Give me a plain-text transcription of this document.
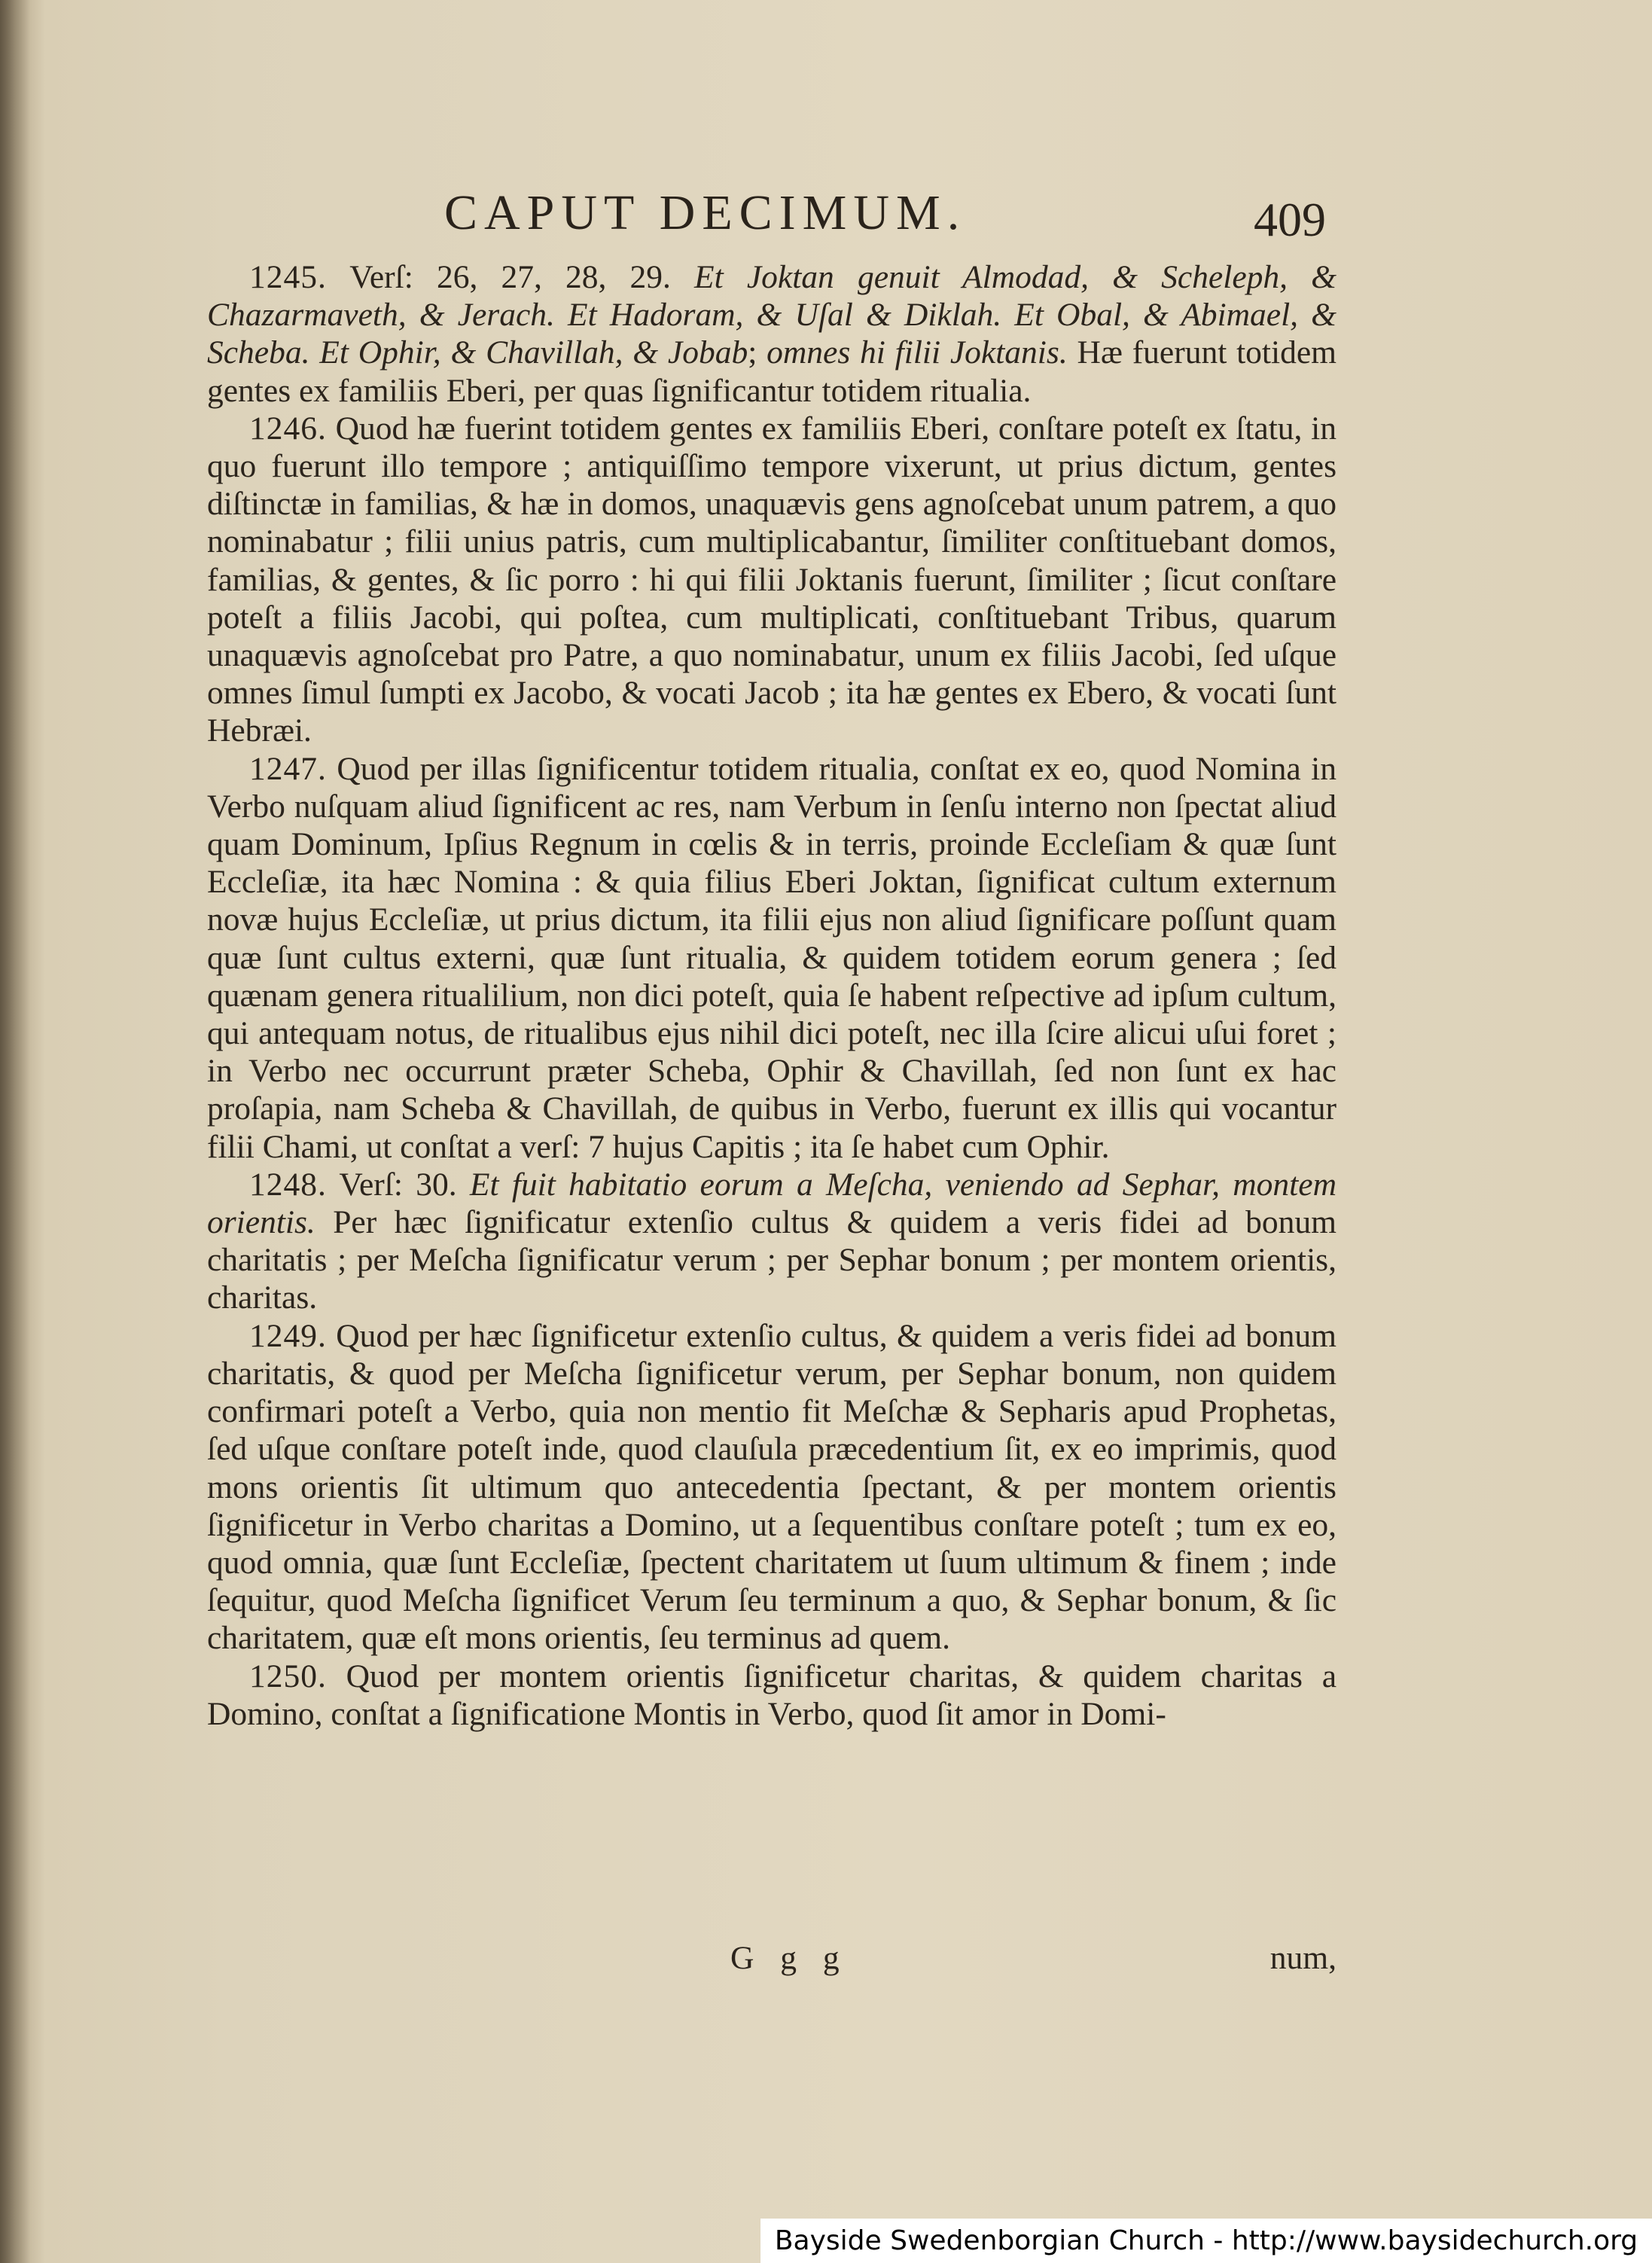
CAPUT DECIMUM.	409

1245. Verſ: 26, 27, 28, 29. Et Joktan genuit Almodad, & Scheleph, & Chazarmaveth, & Jerach. Et Hadoram, & Uſal & Diklah. Et Obal, & Abimael, & Scheba. Et Ophir, & Chavillah, & Jobab; omnes hi filii Joktanis. Hæ fuerunt totidem gentes ex familiis Eberi, per quas ſignificantur totidem ritualia.

1246. Quod hæ fuerint totidem gentes ex familiis Eberi, conſtare poteſt ex ſtatu, in quo fuerunt illo tempore ; antiquiſſimo tempore vixerunt, ut prius dictum, gentes diſtinctæ in familias, & hæ in domos, unaquævis gens agnoſcebat unum patrem, a quo nominabatur ; filii unius patris, cum multiplicabantur, ſimiliter conſtituebant domos, familias, & gentes, & ſic porro : hi qui filii Joktanis fuerunt, ſimiliter ; ſicut conſtare poteſt a filiis Jacobi, qui poſtea, cum multiplicati, conſtituebant Tribus, quarum unaquævis agnoſcebat pro Patre, a quo nominabatur, unum ex filiis Jacobi, ſed uſque omnes ſimul ſumpti ex Jacobo, & vocati Jacob ; ita hæ gentes ex Ebero, & vocati ſunt Hebræi.

1247. Quod per illas ſignificentur totidem ritualia, conſtat ex eo, quod Nomina in Verbo nuſquam aliud ſignificent ac res, nam Verbum in ſenſu interno non ſpectat aliud quam Dominum, Ipſius Regnum in cœlis & in terris, proinde Eccleſiam & quæ ſunt Eccleſiæ, ita hæc Nomina : & quia filius Eberi Joktan, ſignificat cultum externum novæ hujus Eccleſiæ, ut prius dictum, ita filii ejus non aliud ſignificare poſſunt quam quæ ſunt cultus externi, quæ ſunt ritualia, & quidem totidem eorum genera ; ſed quænam genera ritualilium, non dici poteſt, quia ſe habent reſpective ad ipſum cultum, qui antequam notus, de ritualibus ejus nihil dici poteſt, nec illa ſcire alicui uſui foret ; in Verbo nec occurrunt præter Scheba, Ophir & Chavillah, ſed non ſunt ex hac proſapia, nam Scheba & Chavillah, de quibus in Verbo, fuerunt ex illis qui vocantur filii Chami, ut conſtat a verſ: 7 hujus Capitis ; ita ſe habet cum Ophir.

1248. Verſ: 30. Et fuit habitatio eorum a Meſcha, veniendo ad Sephar, montem orientis. Per hæc ſignificatur extenſio cultus & quidem a veris fidei ad bonum charitatis ; per Meſcha ſignificatur verum ; per Sephar bonum ; per montem orientis, charitas.

1249. Quod per hæc ſignificetur extenſio cultus, & quidem a veris fidei ad bonum charitatis, & quod per Meſcha ſignificetur verum, per Sephar bonum, non quidem confirmari poteſt a Verbo, quia non mentio fit Meſchæ & Sepharis apud Prophetas, ſed uſque conſtare poteſt inde, quod clauſula præcedentium ſit, ex eo imprimis, quod mons orientis ſit ultimum quo antecedentia ſpectant, & per montem orientis ſignificetur in Verbo charitas a Domino, ut a ſequentibus conſtare poteſt ; tum ex eo, quod omnia, quæ ſunt Eccleſiæ, ſpectent charitatem ut ſuum ultimum & finem ; inde ſequitur, quod Meſcha ſignificet Verum ſeu terminum a quo, & Sephar bonum, & ſic charitatem, quæ eſt mons orientis, ſeu terminus ad quem.

1250. Quod per montem orientis ſignificetur charitas, & quidem charitas a Domino, conſtat a ſignificatione Montis in Verbo, quod ſit amor in Domi-

G g g	num,
Bayside Swedenborgian Church - http://www.baysidechurch.org
